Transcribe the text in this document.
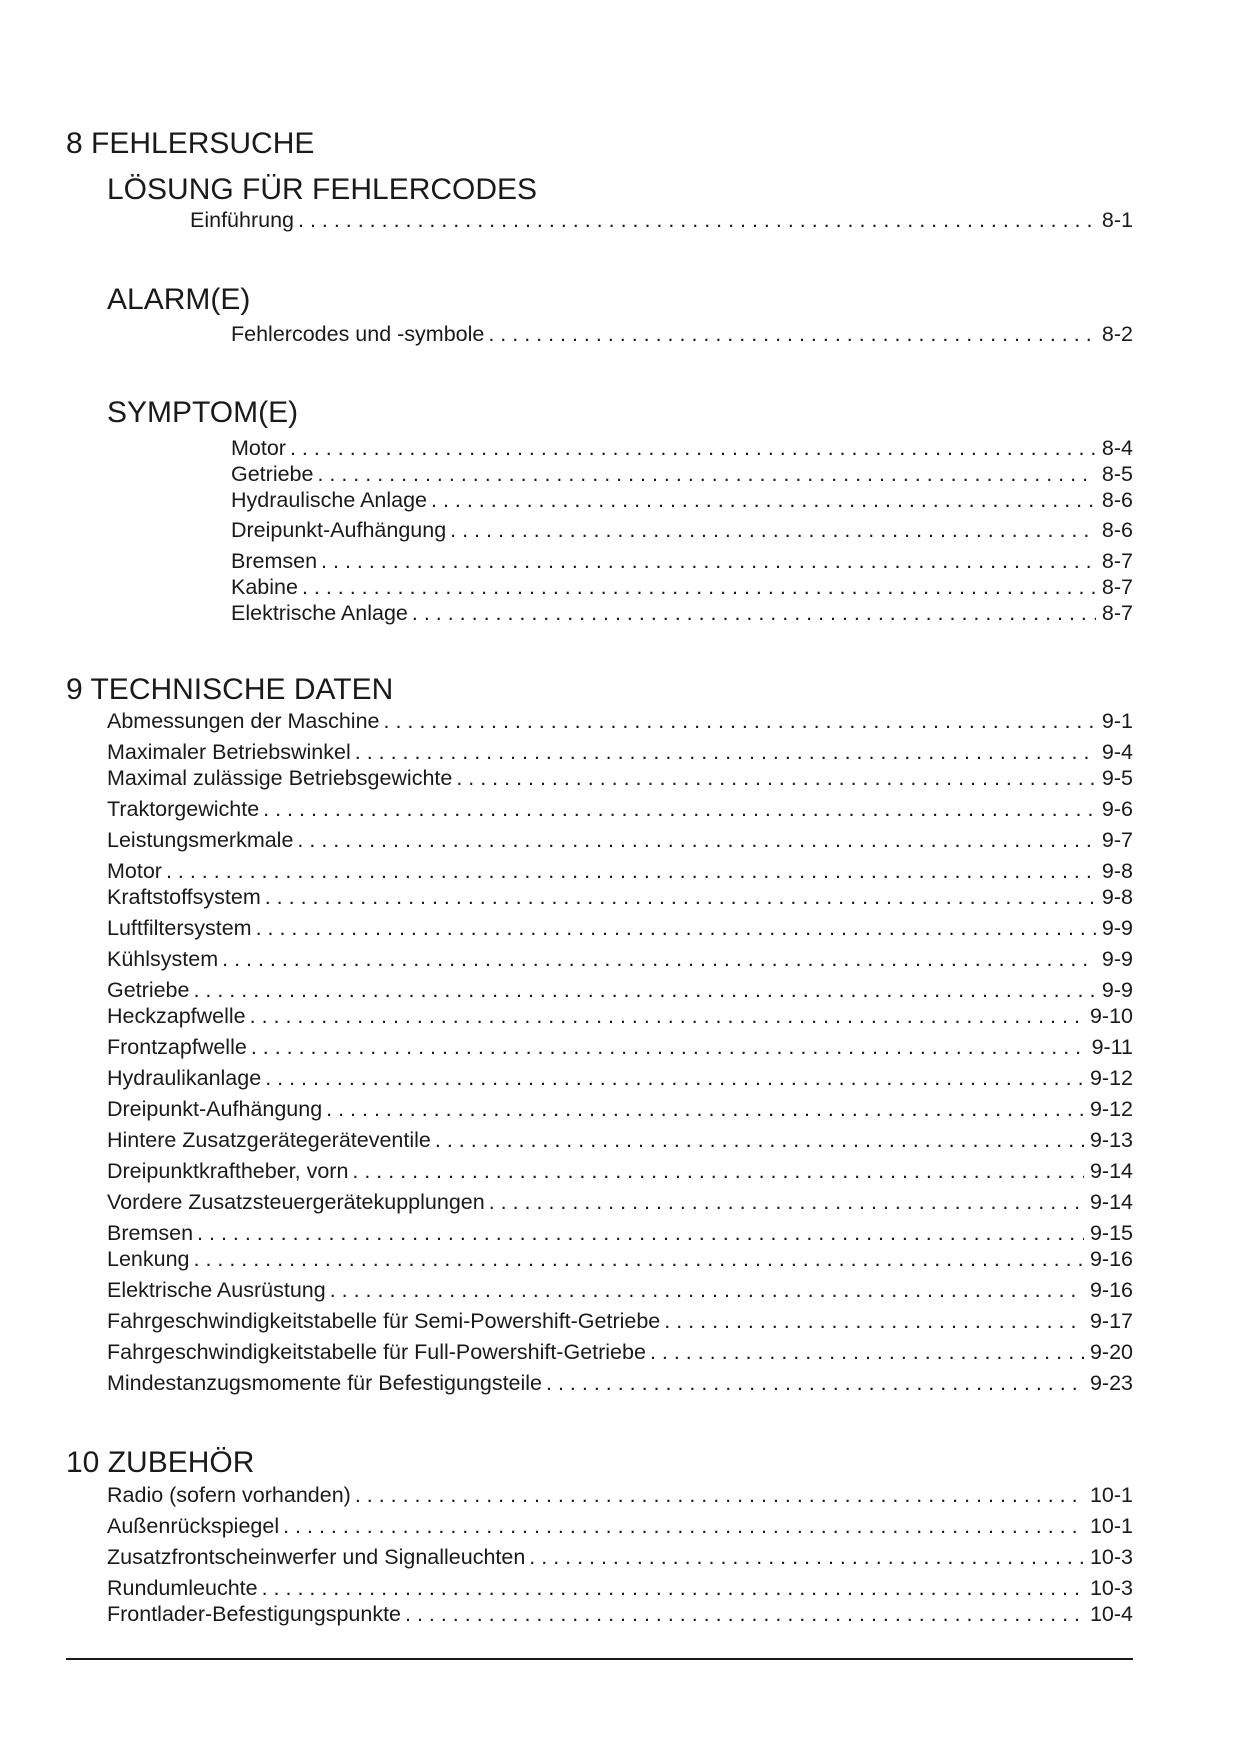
8 FEHLERSUCHE
LÖSUNG FÜR FEHLERCODES
Einführung . . .	8-1
ALARM(E)
Fehlercodes und -symbole . . .	8-2
SYMPTOM(E)
Motor . . .	8-4
Getriebe . . .	8-5
Hydraulische Anlage . . .	8-6
Dreipunkt-Aufhängung . . .	8-6
Bremsen . . .	8-7
Kabine . . .	8-7
Elektrische Anlage . . .	8-7
9 TECHNISCHE DATEN
Abmessungen der Maschine . . .	9-1
Maximaler Betriebswinkel . . .	9-4
Maximal zulässige Betriebsgewichte . . .	9-5
Traktorgewichte . . .	9-6
Leistungsmerkmale . . .	9-7
Motor . . .	9-8
Kraftstoffsystem . . .	9-8
Luftfiltersystem . . .	9-9
Kühlsystem . . .	9-9
Getriebe . . .	9-9
Heckzapfwelle . . .	9-10
Frontzapfwelle . . .	9-11
Hydraulikanlage . . .	9-12
Dreipunkt-Aufhängung . . .	9-12
Hintere Zusatzgerätegeräteventile . . .	9-13
Dreipunktkraftheber, vorn . . .	9-14
Vordere Zusatzsteuergerätekupplungen . . .	9-14
Bremsen . . .	9-15
Lenkung . . .	9-16
Elektrische Ausrüstung . . .	9-16
Fahrgeschwindigkeitstabelle für Semi-Powershift-Getriebe . . .	9-17
Fahrgeschwindigkeitstabelle für Full-Powershift-Getriebe . . .	9-20
Mindestanzugsmomente für Befestigungsteile . . .	9-23
10 ZUBEHÖR
Radio (sofern vorhanden) . . .	10-1
Außenrückspiegel . . .	10-1
Zusatzfrontscheinwerfer und Signalleuchten . . .	10-3
Rundumleuchte . . .	10-3
Frontlader-Befestigungspunkte . . .	10-4
